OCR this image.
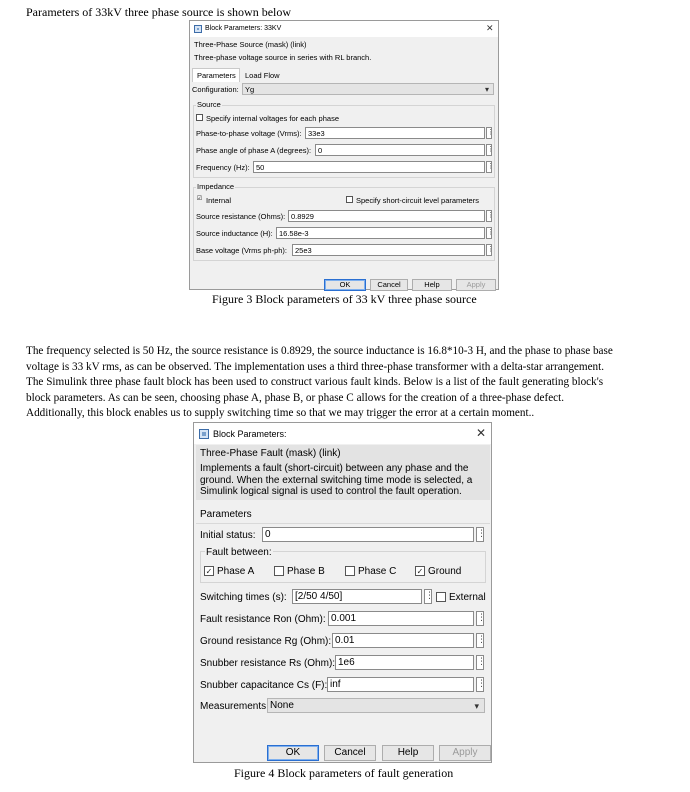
Parameters of 33kV three phase source is shown below
Block Parameters: 33KV	✕
Three-Phase Source (mask) (link)
Three-phase voltage source in series with RL branch.
Parameters Load Flow
Configuration: Yg	▾
Source
Specify internal voltages for each phase
Phase-to-phase voltage (Vrms): 33e3	⋮
Phase angle of phase A (degrees): 0	⋮
Frequency (Hz): 50	⋮
Impedance
☑ Internal	Specify short-circuit level parameters
Source resistance (Ohms): 0.8929	⋮
Source inductance (H): 16.58e-3	⋮
Base voltage (Vrms ph-ph): 25e3	⋮
OK	Cancel	Help	Apply
Figure 3 Block parameters of 33 kV three phase source
The frequency selected is 50 Hz, the source resistance is 0.8929, the source inductance is 16.8*10-3 H, and the phase to phase base
voltage is 33 kV rms, as can be observed. The implementation uses a third three-phase transformer with a delta-star arrangement.
The Simulink three phase fault block has been used to construct various fault kinds. Below is a list of the fault generating block's
block parameters. As can be seen, choosing phase A, phase B, or phase C allows for the creation of a three-phase defect.
Additionally, this block enables us to supply switching time so that we may trigger the error at a certain moment..
Block Parameters:	✕
Three-Phase Fault (mask) (link)
Implements a fault (short-circuit) between any phase and the
ground. When the external switching time mode is selected, a
Simulink logical signal is used to control the fault operation.
Parameters
Initial status: 0	⋮
Fault between:
✓ Phase A	Phase B	Phase C	✓ Ground
Switching times (s): [2/50 4/50]	⋮ External
Fault resistance Ron (Ohm): 0.001	⋮
Ground resistance Rg (Ohm): 0.01	⋮
Snubber resistance Rs (Ohm): 1e6	⋮
Snubber capacitance Cs (F): inf	⋮
Measurements None	▾
OK	Cancel	Help	Apply
Figure 4 Block parameters of fault generation
